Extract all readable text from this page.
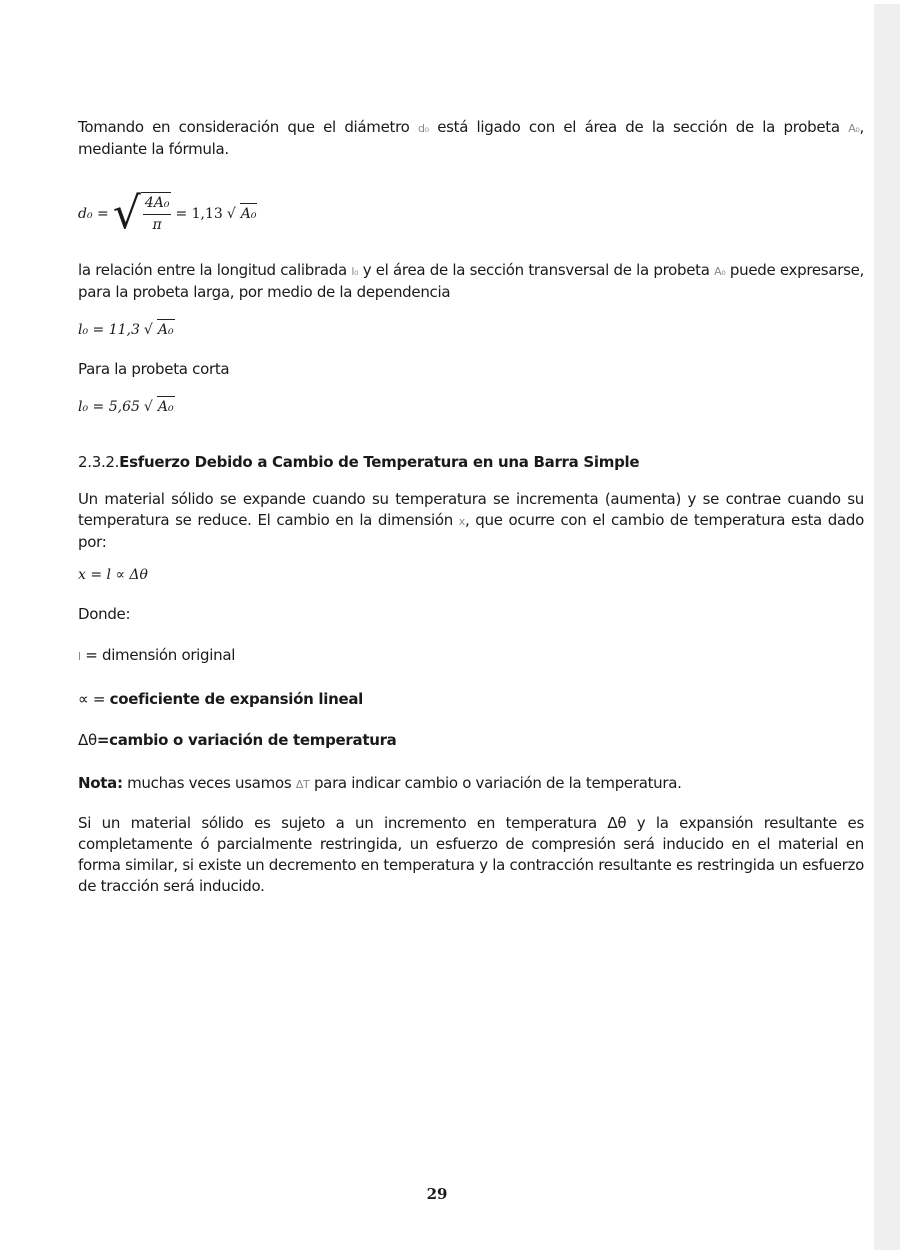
Tomando en consideración que el diámetro d₀ está ligado con el área de la sección de la probeta A₀, mediante la fórmula.

d₀ = √ $\frac{\text{4A₀}}{\pi} = 1,13$ √ A₀

la relación entre la longitud calibrada l₀ y el área de la sección transversal de la probeta A₀ puede expresarse, para la probeta larga, por medio de la dependencia

l₀ = 11,3 √ A₀

Para la probeta corta

l₀ = 5,65 √ A₀

2.3.2.Esfuerzo Debido a Cambio de Temperatura en una Barra Simple

Un material sólido se expande cuando su temperatura se incrementa (aumenta) y se contrae cuando su temperatura se reduce. El cambio en la dimensión x, que ocurre con el cambio de temperatura esta dado por:

x = l ∝ Δθ

Donde:

l = dimensión original

∝ = coeficiente de expansión lineal

Δθ=cambio o variación de temperatura

Nota: muchas veces usamos ΔT para indicar cambio o variación de la temperatura.

Si un material sólido es sujeto a un incremento en temperatura Δθ y la expansión resultante es completamente ó parcialmente restringida, un esfuerzo de compresión será inducido en el material en forma similar, si existe un decremento en temperatura y la contracción resultante es restringida un esfuerzo de tracción será inducido.

29
